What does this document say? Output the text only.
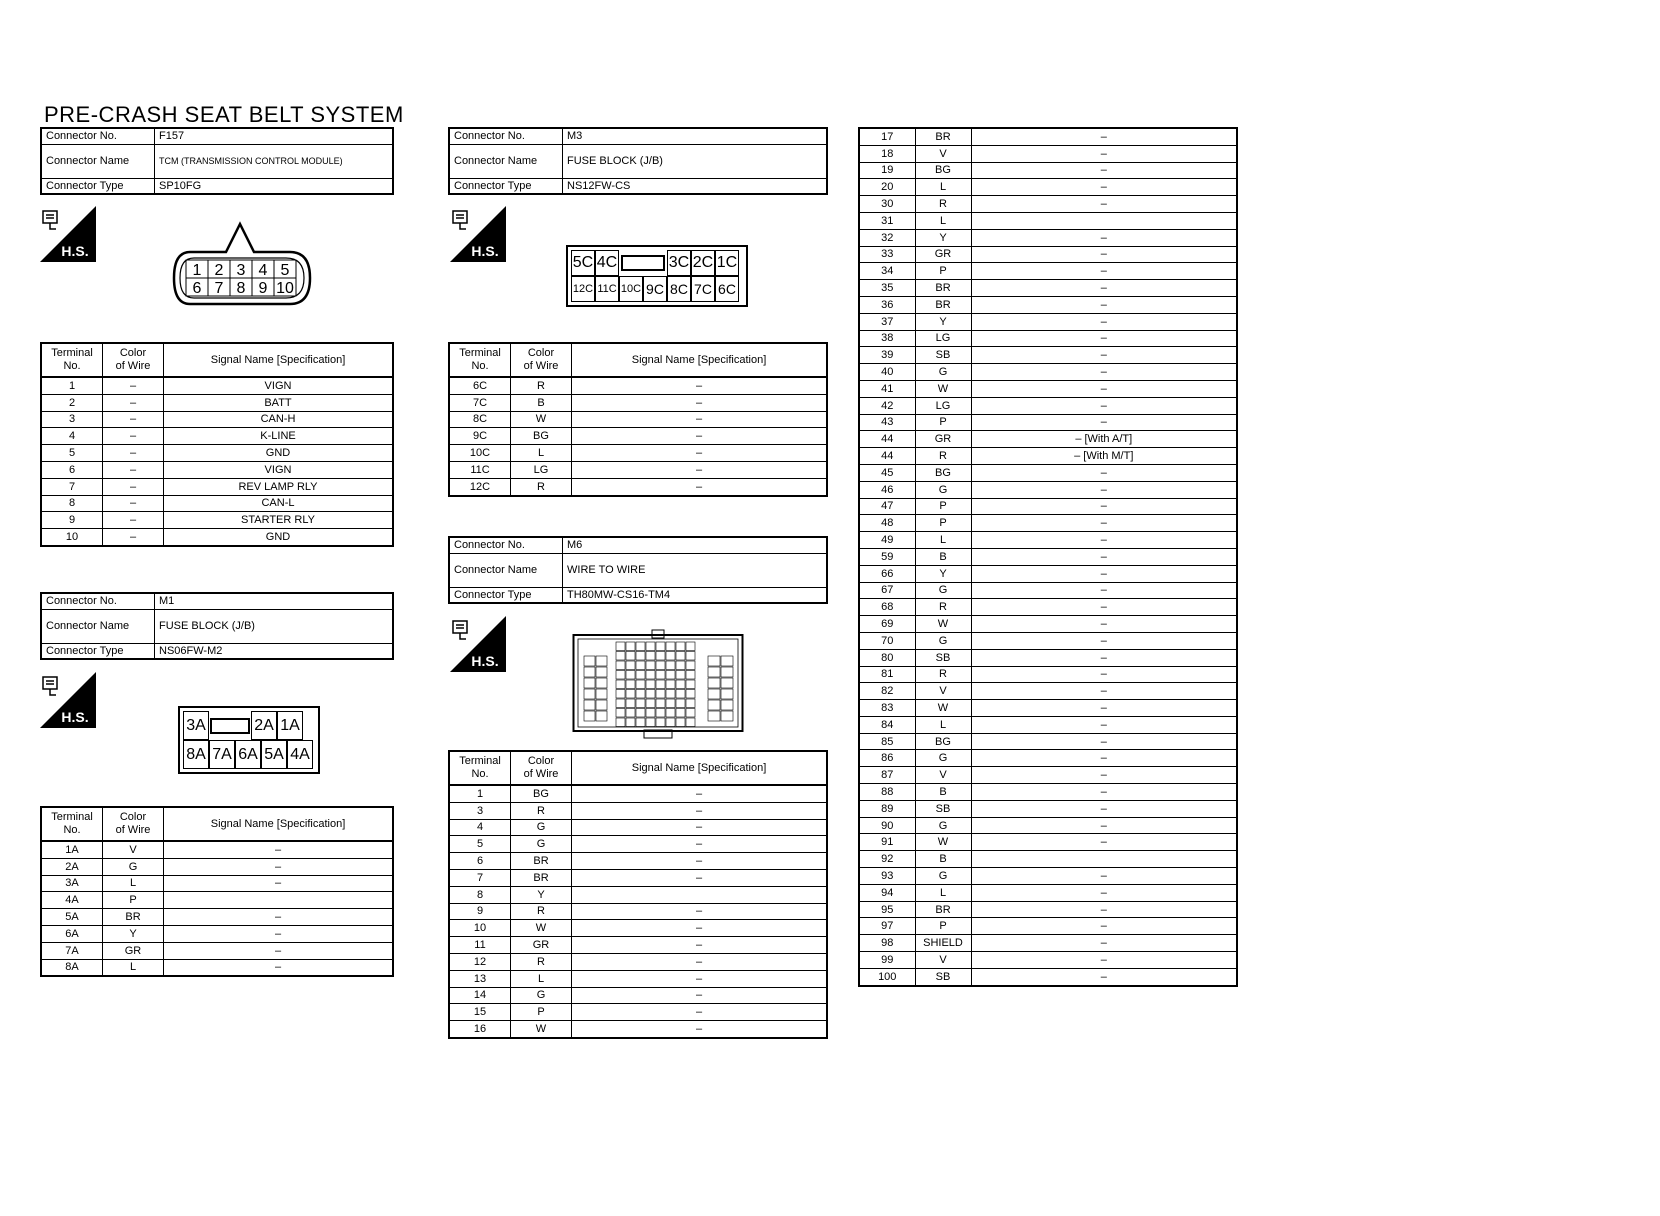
PRE-CRASH SEAT BELT SYSTEM
Connector No.	F157
Connector Name	TCM (TRANSMISSION CONTROL MODULE)
Connector Type	SP10FG
H.S.
1 2 3 4 5
6 7 8 9 10
Terminal
No.	Color
of Wire	Signal Name [Specification]
1	–	VIGN
2	–	BATT
3	–	CAN-H
4	–	K-LINE
5	–	GND
6	–	VIGN
7	–	REV LAMP RLY
8	–	CAN-L
9	–	STARTER RLY
10	–	GND
Connector No.	M1
Connector Name	FUSE BLOCK (J/B)
Connector Type	NS06FW-M2
H.S.	3A	2A 1A
8A 7A 6A 5A 4A
Terminal
No.	Color
of Wire	Signal Name [Specification]
1A	V	–
2A	G	–
3A	L	–
4A	P	
5A	BR	–
6A	Y	–
7A	GR	–
8A	L	–
Connector No.	M3
Connector Name	FUSE BLOCK (J/B)
Connector Type	NS12FW-CS
H.S.
5C 4C	3C 2C 1C
12C 11C 10C 9C 8C 7C 6C
Terminal
No.	Color
of Wire	Signal Name [Specification]
6C	R	–
7C	B	–
8C	W	–
9C	BG	–
10C	L	–
11C	LG	–
12C	R	–
Connector No.	M6
Connector Name	WIRE TO WIRE
Connector Type	TH80MW-CS16-TM4
H.S.
Terminal
No.	Color
of Wire	Signal Name [Specification]
1	BG	–
3	R	–
4	G	–
5	G	–
6	BR	–
7	BR	–
8	Y	
9	R	–
10	W	–
11	GR	–
12	R	–
13	L	–
14	G	–
15	P	–
16	W	–
17	BR	–
18	V	–
19	BG	–
20	L	–
30	R	–
31	L	
32	Y	–
33	GR	–
34	P	–
35	BR	–
36	BR	–
37	Y	–
38	LG	–
39	SB	–
40	G	–
41	W	–
42	LG	–
43	P	–
44	GR	– [With A/T]
44	R	– [With M/T]
45	BG	–
46	G	–
47	P	–
48	P	–
49	L	–
59	B	–
66	Y	–
67	G	–
68	R	–
69	W	–
70	G	–
80	SB	–
81	R	–
82	V	–
83	W	–
84	L	–
85	BG	–
86	G	–
87	V	–
88	B	–
89	SB	–
90	G	–
91	W	–
92	B	
93	G	–
94	L	–
95	BR	–
97	P	–
98	SHIELD	–
99	V	–
100	SB	–
